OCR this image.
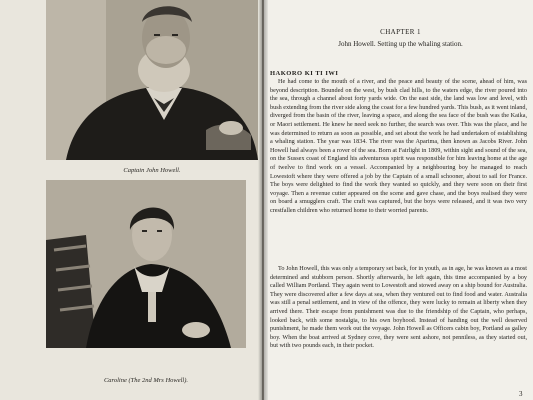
Captain John Howell.
Caroline (The 2nd Mrs Howell).
CHAPTER 1
John Howell. Setting up the whaling station.
HAKORO KI TI IWI

He had come to the mouth of a river, and the peace and beauty of the scene, ahead of him, was beyond description. Bounded on the west, by bush clad hills, to the waters edge, the river poured into the sea, through a channel about forty yards wide. On the east side, the land was low and level, with bush extending from the river side along the coast for a few hundred yards. This bush, as it went inland, diverged from the basin of the river, leaving a space, and along the sea face of the bush was the Kaika, or Maori settlement. He knew he need seek no further, the search was over. This was the place, and he was determined to return as soon as possible, and set about the work he had undertaken of establishing a whaling station. The year was 1834. The river was the Aparima, then known as Jacobs River. John Howell had always been a rover of the sea. Born at Fairlight in 1809, within sight and sound of the sea, on the Sussex coast of England his adventurous spirit was responsible for him leaving home at the age of twelve to find work on a vessel. Accompanied by a neighbouring boy he managed to reach Lowestoft where they were offered a job by the Captain of a small schooner, about to sail for France. The boys were delighted to find the work they wanted so quickly, and they were soon on their first voyage. Then a revenue cutter appeared on the scene and gave chase, and the boys realised they were on board a smugglers craft. The craft was captured, but the boys were released, and it was two very crestfallen children who returned home to their worried parents.

To John Howell, this was only a temporary set back, for in youth, as in age, he was known as a most determined and stubborn person. Shortly afterwards, he left again, this time accompanied by a boy called William Portland. They again went to Lowestoft and stowed away on a ship bound for Australia. They were discovered after a few days at sea, when they ventured out to find food and water. Australia was still a penal settlement, and in view of the offence, they were lucky to remain at liberty when they arrived there. Their escape from punishment was due to the friendship of the Captain, who perhaps, looked back, with some nostalgia, to his own boyhood. Instead of handing out the well deserved punishment, he made them work out the voyage. John Howell as Officers cabin boy, Portland as galley boy. When the boat arrived at Sydney cove, they were sent ashore, not penniless, as they started out, but with two pounds each, in their pocket.

3
